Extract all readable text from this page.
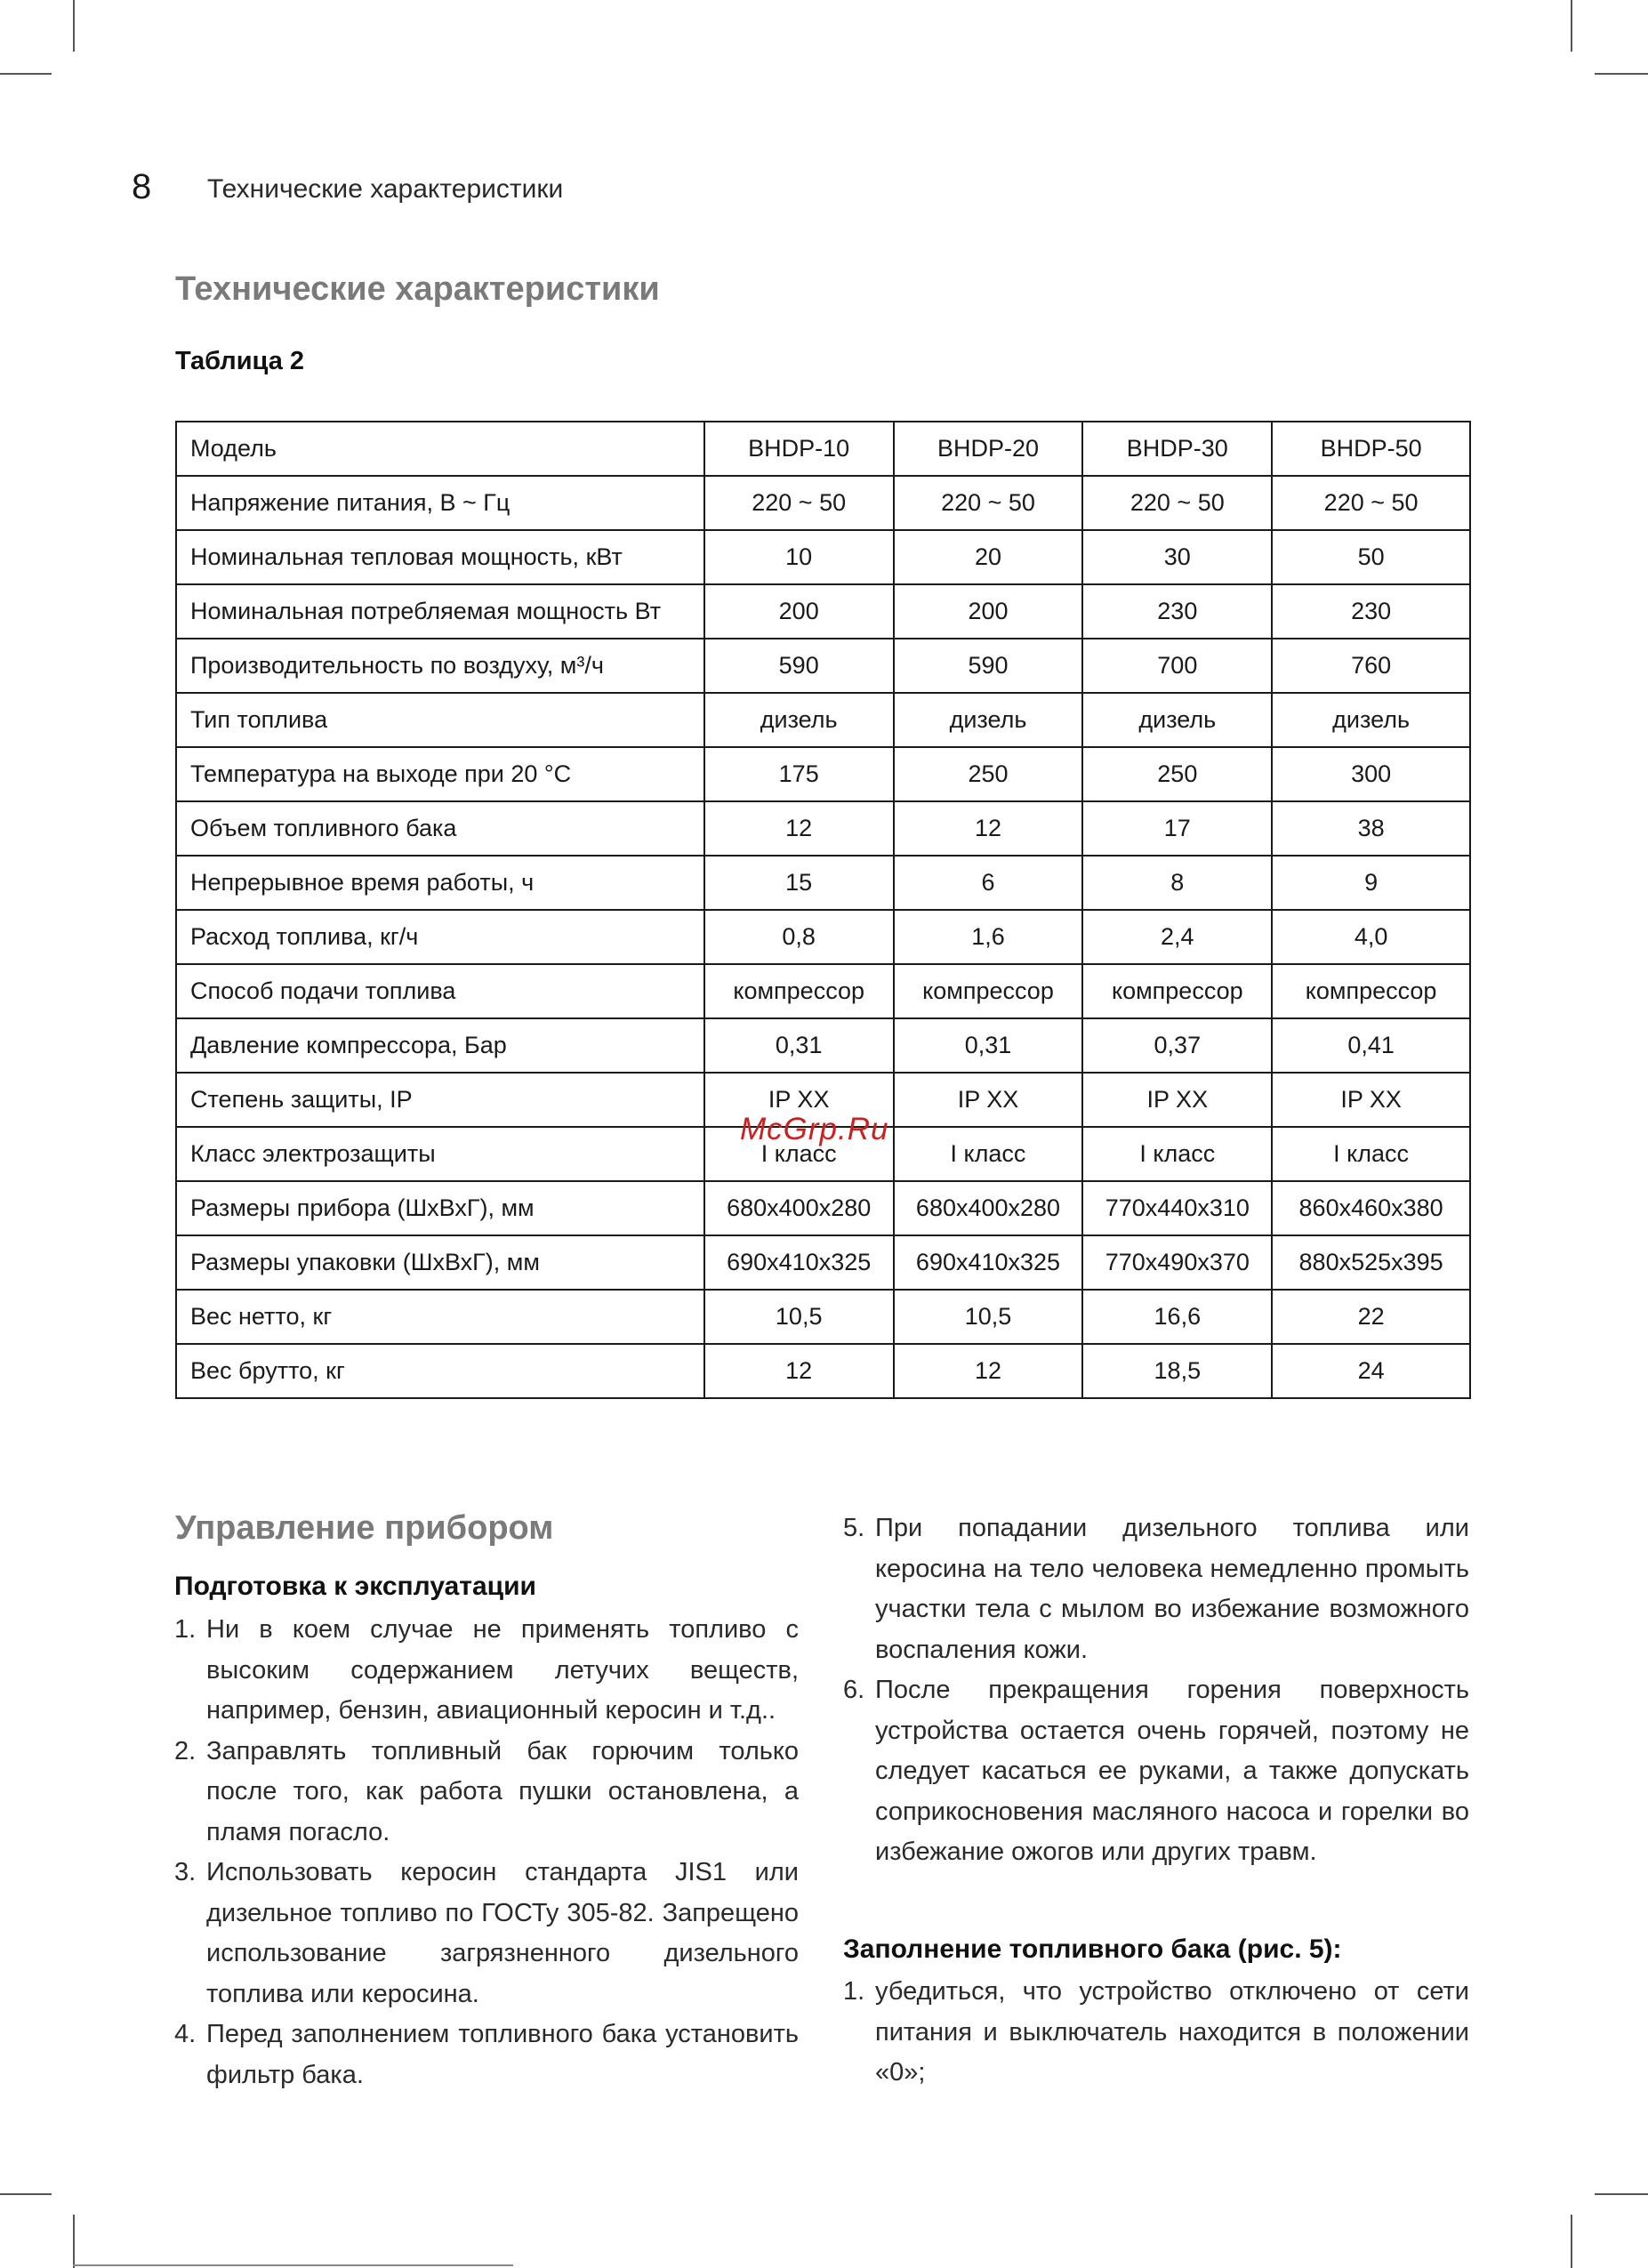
8 Технические характеристики
Технические характеристики
Таблица 2
Модель	BHDP-10	BHDP-20	BHDP-30	BHDP-50
Напряжение питания, В ~ Гц	220 ~ 50	220 ~ 50	220 ~ 50	220 ~ 50
Номинальная тепловая мощность, кВт	10	20	30	50
Номинальная потребляемая мощность Вт	200	200	230	230
Производительность по воздуху, м³/ч	590	590	700	760
Тип топлива	дизель	дизель	дизель	дизель
Температура на выходе при 20 °С	175	250	250	300
Объем топливного бака	12	12	17	38
Непрерывное время работы, ч	15	6	8	9
Расход топлива, кг/ч	0,8	1,6	2,4	4,0
Способ подачи топлива	компрессор	компрессор	компрессор	компрессор
Давление компрессора, Бар	0,31	0,31	0,37	0,41
Степень защиты, IP	IP XX	IP XX	IP XX	IP XX
Класс электрозащиты	I класс	I класс	I класс	I класс
Размеры прибора (ШхВхГ), мм	680x400x280	680x400x280	770x440x310	860x460x380
Размеры упаковки (ШхВхГ), мм	690x410x325	690x410x325	770x490x370	880x525x395
Вес нетто, кг	10,5	10,5	16,6	22
Вес брутто, кг	12	12	18,5	24
Управление прибором
Подготовка к эксплуатации

1. Ни в коем случае не применять топливо с высоким содержанием летучих веществ, например, бензин, авиационный керосин и т.д..

2. Заправлять топливный бак горючим только после того, как работа пушки остановлена, а пламя погасло.

3. Использовать керосин стандарта JIS1 или дизельное топливо по ГОСТу 305-82. Запрещено использование загрязненного дизельного топлива или керосина.

4. Перед заполнением топливного бака установить фильтр бака.

5. При попадании дизельного топлива или керосина на тело человека немедленно промыть участки тела с мылом во избежание возможного воспаления кожи.

6. После прекращения горения поверхность устройства остается очень горячей, поэтому не следует касаться ее руками, а также допускать соприкосновения масляного насоса и горелки во избежание ожогов или других травм.

Заполнение топливного бака (рис. 5):

1. убедиться, что устройство отключено от сети питания и выключатель находится в положении «0»;

McGrp.Ru
